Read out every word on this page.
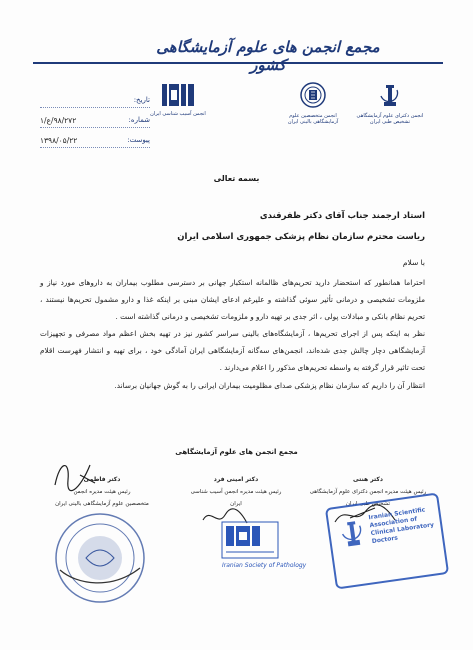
مجمع انجمن های علوم آزمایشگاهی کشور
انجمن آسیب شناسی ایران	انجمن متخصصین علوم آزمایشگاهی بالینی ایران
انجمن دکترای علوم آزمایشگاهی تشخیص طبی ایران
تاریخ:
شماره:
۹۸/۲۷۲/ع/۱
پیوست:
۱۳۹۸/۰۵/۲۲
بسمه تعالی
استاد ارجمند جناب آقای دکتر ظفرقندی
ریاست محترم سازمان نظام پزشکی جمهوری اسلامی ایران
با سلام

احتراما همانطور که استحضار دارید تحریم‌های ظالمانه استکبار جهانی بر دسترسی مطلوب بیماران به داروهای مورد نیاز و ملزومات تشخیصی و درمانی تأثیر سوئی گذاشته و علیرغم ادعای ایشان مبنی بر اینکه غذا و دارو مشمول تحریم‌ها نیستند ، تحریم نظام بانکی و مبادلات پولی ، اثر جدی بر تهیه دارو و ملزومات تشخیصی و درمانی گذاشته است .

نظر به اینکه پس از اجرای تحریم‌ها ، آزمایشگاه‌های بالینی سراسر کشور نیز در تهیه بخش اعظم مواد مصرفی و تجهیزات آزمایشگاهی دچار چالش جدی شده‌اند، انجمن‌های سه‌گانه آزمایشگاهی ایران آمادگی خود ، برای تهیه و انتشار فهرست اقلام تحت تاثیر قرار گرفته به واسطه تحریم‌های مذکور را اعلام می‌دارند .

انتظار آن را داریم که سازمان نظام پزشکی صدای مظلومیت بیماران ایرانی را به گوش جهانیان برساند.

مجمع انجمن های علوم آزمایشگاهی
دکتر هنتی
رئیس هیئت مدیره انجمن دکترای علوم آزمایشگاهی
تشخیص طبی ایران
دکتر امینی فرد
رئیس هیئت مدیره انجمن آسیب شناسی
ایران
دکتر فاطمی
رئیس هیئت مدیره انجمن
متخصصین علوم آزمایشگاهی بالینی ایران
Iranian Society of Pathology
Iranian Scientific Association of Clinical Laboratory Doctors
